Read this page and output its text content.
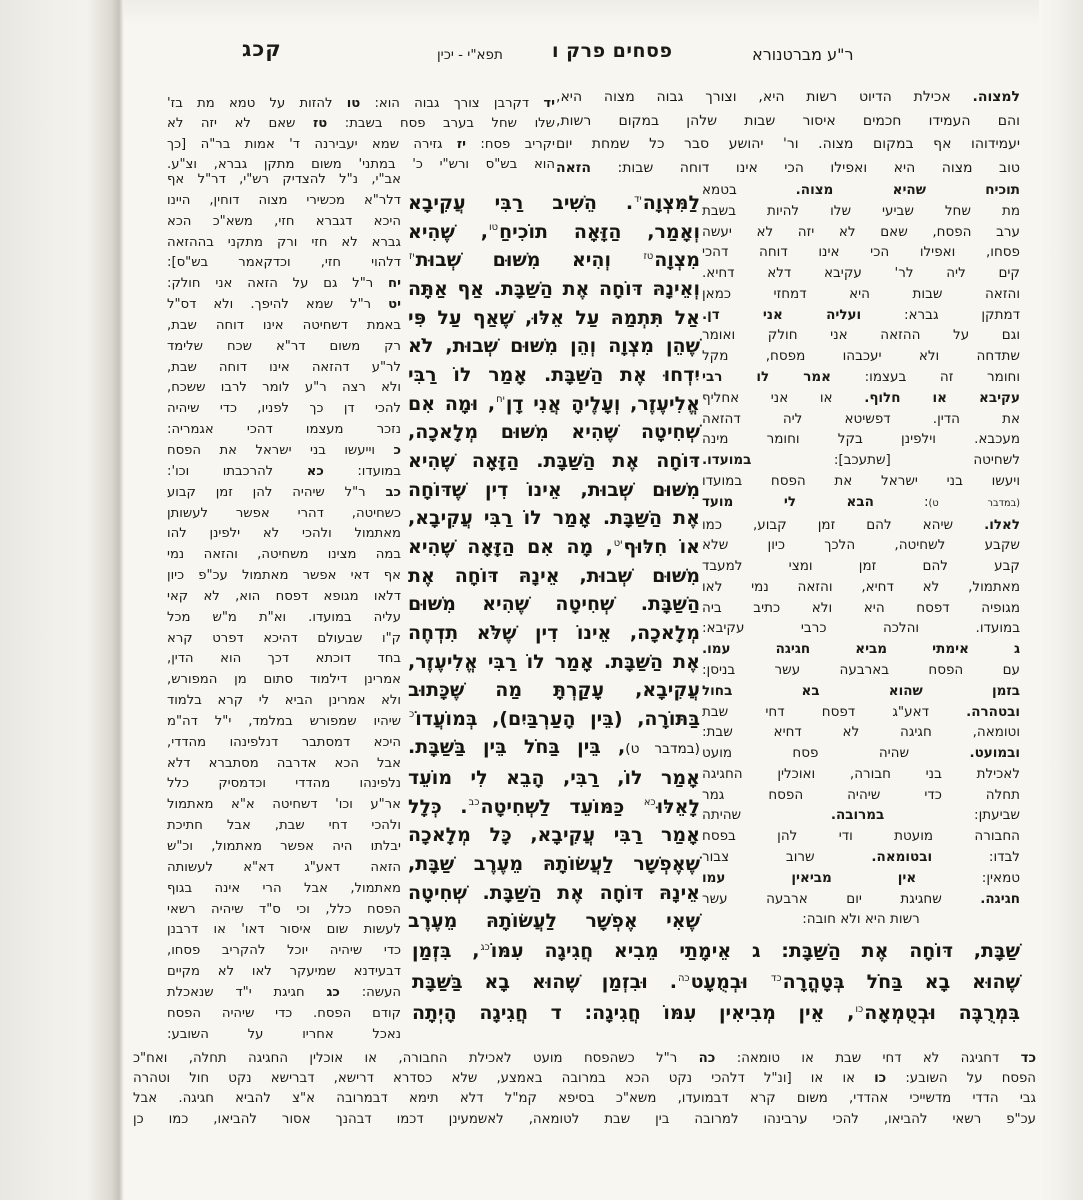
ר"ע מברטנורא
פסחים פרק ו
תפא"י - יכין
קכג
למצוה. אכילת הדיוט רשות היא, וצורך גבוה מצוה היא,
והם העמידו חכמים איסור שבות שלהן במקום רשות,
יעמידוהו אף במקום מצוה. ור' יהושע סבר כל שמחת יום
טוב מצוה היא ואפילו הכי אינו דוחה שבות: הזאה
תוכיח שהיא מצוה. בטמא
מת שחל שביעי שלו להיות בשבת
ערב הפסח, שאם לא יזה לא יעשה
פסחו, ואפילו הכי אינו דוחה דהכי
קים ליה לר' עקיבא דלא דחיא.
והזאה שבות היא דמחזי כמאן
דמתקן גברא: ועליה אני דן.
וגם על ההזאה אני חולק ואומר
שתדחה ולא יעכבהו מפסח, מקל
וחומר זה בעצמו: אמר לו רבי
עקיבא או חלוף. או אני אחליף
את הדין. דפשיטא ליה דהזאה
מעכבא. וילפינן בקל וחומר מינה
לשחיטה [שתעכב]: במועדו.
ויעשו בני ישראל את הפסח במועדו
(במדבר ט): הבא לי מועד
לאלו. שיהא להם זמן קבוע, כמו
שקבע לשחיטה, הלכך כיון שלא
קבע להם זמן ומצי למעבד
מאתמול, לא דחיא, והזאה נמי לאו
מגופיה דפסח היא ולא כתיב ביה
במועדו. והלכה כרבי עקיבא:
ג אימתי מביא חגיגה עמו.
עם הפסח בארבעה עשר בניסן:
בזמן שהוא בא בחול
ובטהרה. דאע"ג דפסח דחי שבת
וטומאה, חגיגה לא דחיא שבת:
ובמועט. שהיה פסח מועט
לאכילת בני חבורה, ואוכלין החגיגה
תחלה כדי שיהיה הפסח גמר
שביעתן: במרובה. שהיתה
החבורה מועטת ודי להן בפסח
לבדו: ובטומאה. שרוב צבור
טמאין: אין מביאין עמו
חגיגה. שחגיגת יום ארבעה עשר
רשות היא ולא חובה:
לַמִּצְוָה$^{יד}$. הֵשִׁיב רַבִּי עֲקִיבָא
וְאָמַר, הַזָּאָה תוֹכִיחַ$^{טו}$, שֶׁהִיא
מִצְוָה$^{טז}$ וְהִיא מִשּׁוּם שְׁבוּת$^{יז}$
וְאֵינָהּ דּוֹחָה אֶת הַשַּׁבָּת. אַף אַתָּה
אַל תִּתְמַהּ עַל אֵלּוּ, שֶׁאַף עַל פִּי
שֶׁהֵן מִצְוָה וְהֵן מִשּׁוּם שְׁבוּת, לֹא
יִדְחוּ אֶת הַשַּׁבָּת. אָמַר לוֹ רַבִּי
אֱלִיעֶזֶר, וְעָלֶיהָ אֲנִי דָן$^{יח}$, וּמָה אִם
שְׁחִיטָה שֶׁהִיא מִשּׁוּם מְלָאכָה,
דּוֹחָה אֶת הַשַּׁבָּת. הַזָּאָה שֶׁהִיא
מִשּׁוּם שְׁבוּת, אֵינוֹ דִין שֶׁדּוֹחָה
אֶת הַשַּׁבָּת. אָמַר לוֹ רַבִּי עֲקִיבָא,
אוֹ חִלּוּף$^{יט}$, מָה אִם הַזָּאָה שֶׁהִיא
מִשּׁוּם שְׁבוּת, אֵינָהּ דּוֹחָה אֶת
הַשַּׁבָּת. שְׁחִיטָה שֶׁהִיא מִשּׁוּם
מְלָאכָה, אֵינוֹ דִין שֶׁלֹּא תִדְחֶה
אֶת הַשַּׁבָּת. אָמַר לוֹ רַבִּי אֱלִיעֶזֶר,
עֲקִיבָא, עָקַרְתָּ מַה שֶּׁכָּתוּב
בַּתּוֹרָה, (בֵּין הָעַרְבַּיִם), בְּמוֹעֲדוֹ$^כ$
(במדבר ט), בֵּין בַּחֹל בֵּין בַּשַּׁבָּת.
אָמַר לוֹ, רַבִּי, הָבֵא לִי מוֹעֵד
לָאֵלּוּ$^{כא}$ כַּמּוֹעֵד לַשְּׁחִיטָה$^{כב}$. כְּלָל
אָמַר רַבִּי עֲקִיבָא, כָּל מְלָאכָה
שֶׁאֶפְשָׁר לַעֲשׂוֹתָהּ מֵעֶרֶב שַׁבָּת,
אֵינָהּ דּוֹחָה אֶת הַשַּׁבָּת. שְׁחִיטָה
שֶׁאִי אֶפְשָׁר לַעֲשׂוֹתָהּ מֵעֶרֶב
שַׁבָּת, דּוֹחָה אֶת הַשַּׁבָּת: ג אֵימָתַי מֵבִיא חֲגִיגָה עִמּוֹ$^{כג}$, בִּזְמַן
שֶׁהוּא בָא בַּחֹל בְּטָהֳרָה$^{כד}$ וּבְמֻעָט$^{כה}$. וּבִזְמַן שֶׁהוּא בָא בַּשַּׁבָּת
בִּמְרֻבֶּה וּבְטֻמְאָה$^{כו}$, אֵין מְבִיאִין עִמּוֹ חֲגִיגָה: ד חֲגִיגָה הָיְתָה
יד דקרבן צורך גבוה הוא: טו להזות על טמא מת בז'
שלו שחל בערב פסח בשבת: טז שאם לא יזה לא
יקריב פסח: יז גזירה שמא יעבירנה ד' אמות בר"ה [כך
הוא בש"ס ורש"י כ' במתני' משום מתקן גברא, וצ"ע.
אב"י, נ"ל להצדיק רש"י, דר"ל אף
דלר"א מכשירי מצוה דוחין, היינו
היכא דגברא חזי, משא"כ הכא
גברא לא חזי ורק מתקני בההזאה
דלהוי חזי, וכדקאמר בש"ס]:
יח ר"ל גם על הזאה אני חולק:
יט ר"ל שמא להיפך. ולא דס"ל
באמת דשחיטה אינו דוחה שבת,
רק משום דר"א שכח שלימד
לר"ע דהזאה אינו דוחה שבת,
ולא רצה ר"ע לומר לרבו ששכח,
להכי דן כך לפניו, כדי שיהיה
נזכר מעצמו דהכי אגמריה:
כ וייעשו בני ישראל את הפסח
במועדו: כא להרכבתו וכו':
כב ר"ל שיהיה להן זמן קבוע
כשחיטה, דהרי אפשר לעשותן
מאתמול ולהכי לא ילפינן להו
במה מצינו משחיטה, והזאה נמי
אף דאי אפשר מאתמול עכ"פ כיון
דלאו מגופא דפסח הוא, לא קאי
עליה במועדו. וא"ת מ"ש מכל
ק"ו שבעולם דהיכא דפרט קרא
בחד דוכתא דכך הוא הדין,
אמרינן דילמוד סתום מן המפורש,
ולא אמרינן הביא לי קרא בלמוד
שיהיו שמפורש במלמד, י"ל דה"מ
היכא דמסתבר דנלפינהו מהדדי,
אבל הכא אדרבה מסתברא דלא
נלפינהו מהדדי וכדמסיק כלל
אר"ע וכו' דשחיטה א"א מאתמול
ולהכי דחי שבת, אבל חתיכת
יבלתו היה אפשר מאתמול, וכ"ש
הזאה דאע"ג דא"א לעשותה
מאתמול, אבל הרי אינה בגוף
הפסח כלל, וכי ס"ד שיהיה רשאי
לעשות שום איסור דאו' או דרבנן
כדי שיהיה יוכל להקריב פסחו,
דבעידנא שמיעקר לאו לא מקיים
העשה: כג חגיגת י"ד שנאכלת
קודם הפסח. כדי שיהיה הפסח
נאכל אחריו על השובע:
כד דחגיגה לא דחי שבת או טומאה: כה ר"ל כשהפסח מועט לאכילת החבורה, או אוכלין החגיגה תחלה, ואח"כ
הפסח על השובע: כו או או [ונ"ל דלהכי נקט הכא במרובה באמצע, שלא כסדרא דרישא, דברישא נקט חול וטהרה
גבי הדדי מדשייכי אהדדי, משום קרא דבמועדו, משא"כ בסיפא קמ"ל דלא תימא דבמרובה א"צ להביא חגיגה. אבל
עכ"פ רשאי להביאו, להכי ערבינהו למרובה בין שבת לטומאה, לאשמעינן דכמו דבהנך אסור להביאו, כמו כן
